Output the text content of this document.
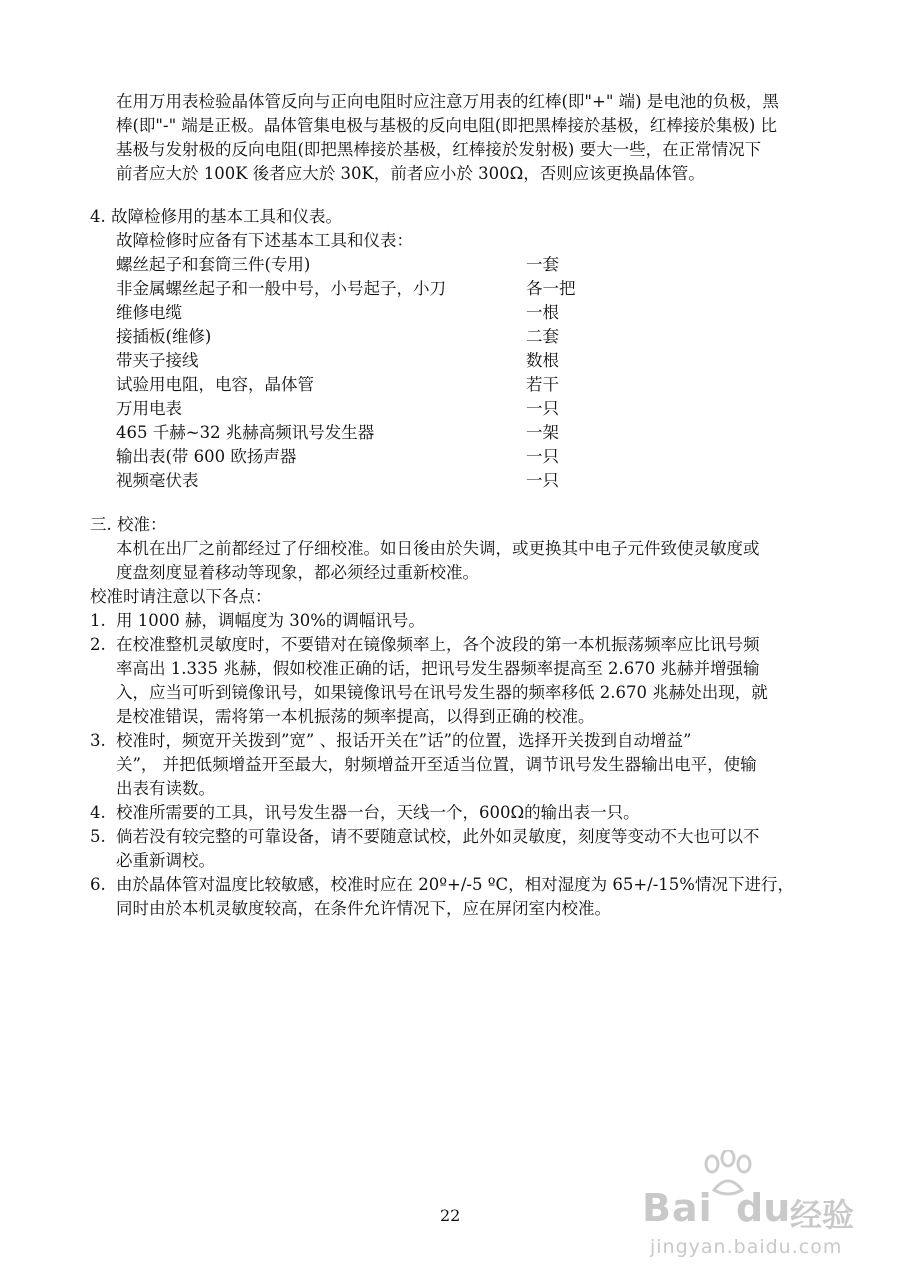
在用万用表检验晶体管反向与正向电阻时应注意万用表的红棒(即"+" 端) 是电池的负极，黑
棒(即"-" 端是正极。晶体管集电极与基极的反向电阻(即把黑棒接於基极，红棒接於集极) 比
基极与发射极的反向电阻(即把黑棒接於基极，红棒接於发射极) 要大一些，在正常情况下
前者应大於 100K 後者应大於 30K，前者应小於 300Ω，否则应该更换晶体管。
4. 故障检修用的基本工具和仪表。
故障检修时应备有下述基本工具和仪表：
螺丝起子和套筒三件(专用)	一套
非金属螺丝起子和一般中号，小号起子，小刀	各一把
维修电缆	一根
接插板(维修)	二套
带夹子接线	数根
试验用电阻，电容，晶体管	若干
万用电表	一只
465 千赫~32 兆赫高频讯号发生器	一架
输出表(带 600 欧扬声器	一只
视频毫伏表	一只
三. 校准：
本机在出厂之前都经过了仔细校准。如日後由於失调，或更换其中电子元件致使灵敏度或
度盘刻度显着移动等现象，都必须经过重新校准。
校准时请注意以下各点：
1. 用 1000 赫，调幅度为 30%的调幅讯号。
2. 在校准整机灵敏度时，不要错对在镜像频率上，各个波段的第一本机振荡频率应比讯号频
率高出 1.335 兆赫，假如校准正确的话，把讯号发生器频率提高至 2.670 兆赫并增强输
入，应当可听到镜像讯号，如果镜像讯号在讯号发生器的频率移低 2.670 兆赫处出现，就
是校准错误，需将第一本机振荡的频率提高，以得到正确的校准。
3. 校准时，频宽开关拨到”宽” 、报话开关在”话”的位置，选择开关拨到自动增益”
关”， 并把低频增益开至最大，射频增益开至适当位置，调节讯号发生器输出电平，使输
出表有读数。
4. 校准所需要的工具，讯号发生器一台，天线一个，600Ω的输出表一只。
5. 倘若没有较完整的可靠设备，请不要随意试校，此外如灵敏度，刻度等变动不大也可以不
必重新调校。
6. 由於晶体管对温度比较敏感，校准时应在 20º+/-5 ºC，相对湿度为 65+/-15%情况下进行，
同时由於本机灵敏度较高，在条件允许情况下，应在屏闭室内校准。
22	Bai du 经验
jingyan.baidu.com
